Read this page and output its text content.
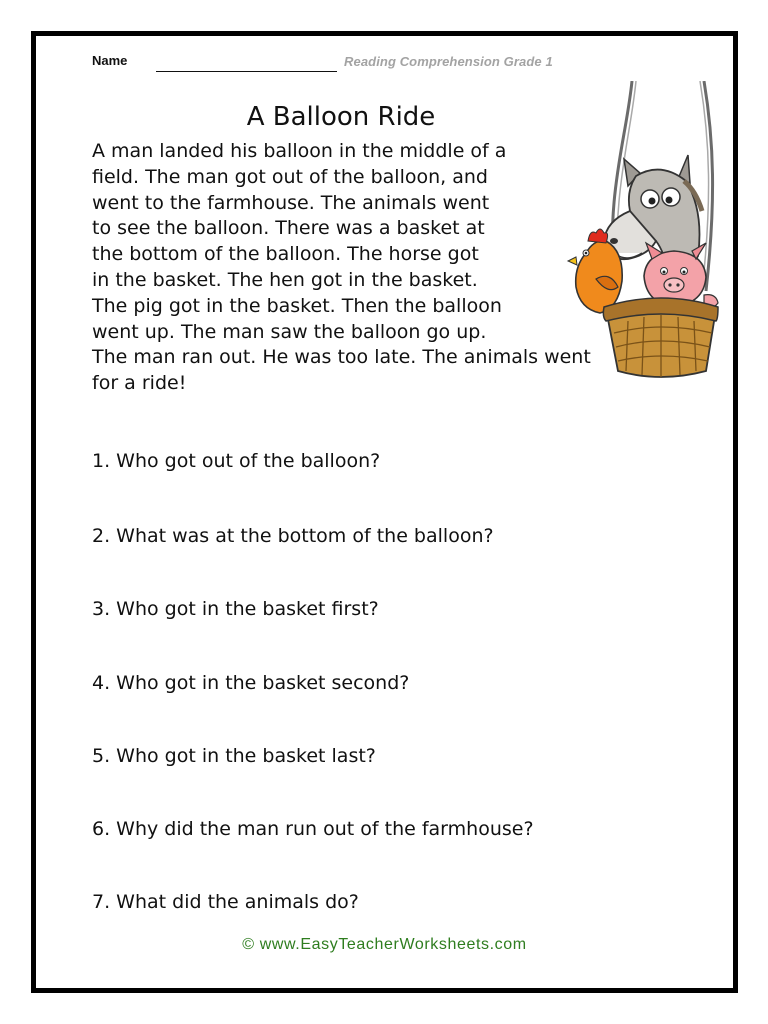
Name	Reading Comprehension Grade 1
A Balloon Ride
A man landed his balloon in the middle of a
field. The man got out of the balloon, and
went to the farmhouse. The animals went
to see the balloon. There was a basket at
the bottom of the balloon. The horse got
in the basket. The hen got in the basket.
The pig got in the basket. Then the balloon
went up. The man saw the balloon go up.
The man ran out. He was too late. The animals went
for a ride!
1. Who got out of the balloon?
2. What was at the bottom of the balloon?
3. Who got in the basket first?
4. Who got in the basket second?
5. Who got in the basket last?
6. Why did the man run out of the farmhouse?
7. What did the animals do?
© www.EasyTeacherWorksheets.com
